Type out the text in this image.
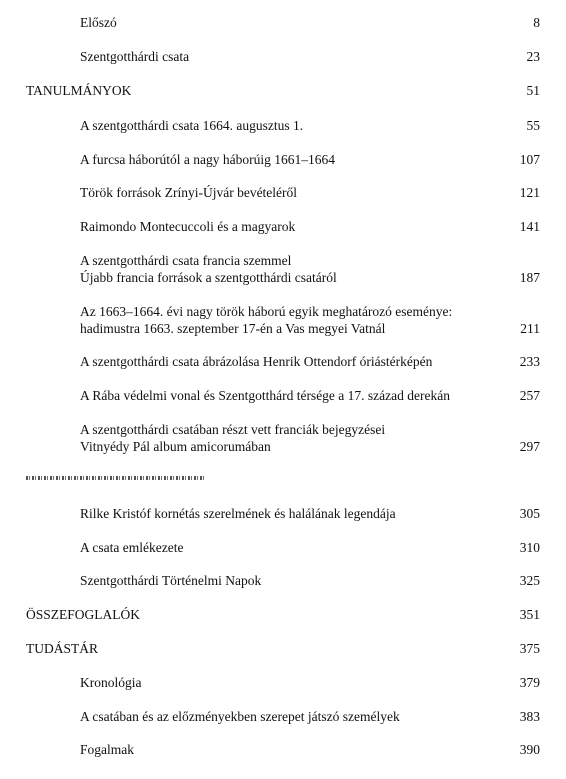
Előszó	8
Szentgotthárdi csata	23
TANULMÁNYOK	51
A szentgotthárdi csata 1664. augusztus 1.	55
A furcsa háborútól a nagy háborúig 1661–1664	107
Török források Zrínyi-Újvár bevételéről	121
Raimondo Montecuccoli és a magyarok	141
A szentgotthárdi csata francia szemmel
Újabb francia források a szentgotthárdi csatáról	187
Az 1663–1664. évi nagy török háború egyik meghatározó eseménye:
hadimustra 1663. szeptember 17-én a Vas megyei Vatnál	211
A szentgotthárdi csata ábrázolása Henrik Ottendorf óriástérképén	233
A Rába védelmi vonal és Szentgotthárd térsége a 17. század derekán	257
A szentgotthárdi csatában részt vett franciák bejegyzései
Vitnyédy Pál album amicorumában	297
Rilke Kristóf kornétás szerelmének és halálának legendája	305
A csata emlékezete	310
Szentgotthárdi Történelmi Napok	325
ÖSSZEFOGLALÓK	351
TUDÁSTÁR	375
Kronológia	379
A csatában és az előzményekben szerepet játszó személyek	383
Fogalmak	390
